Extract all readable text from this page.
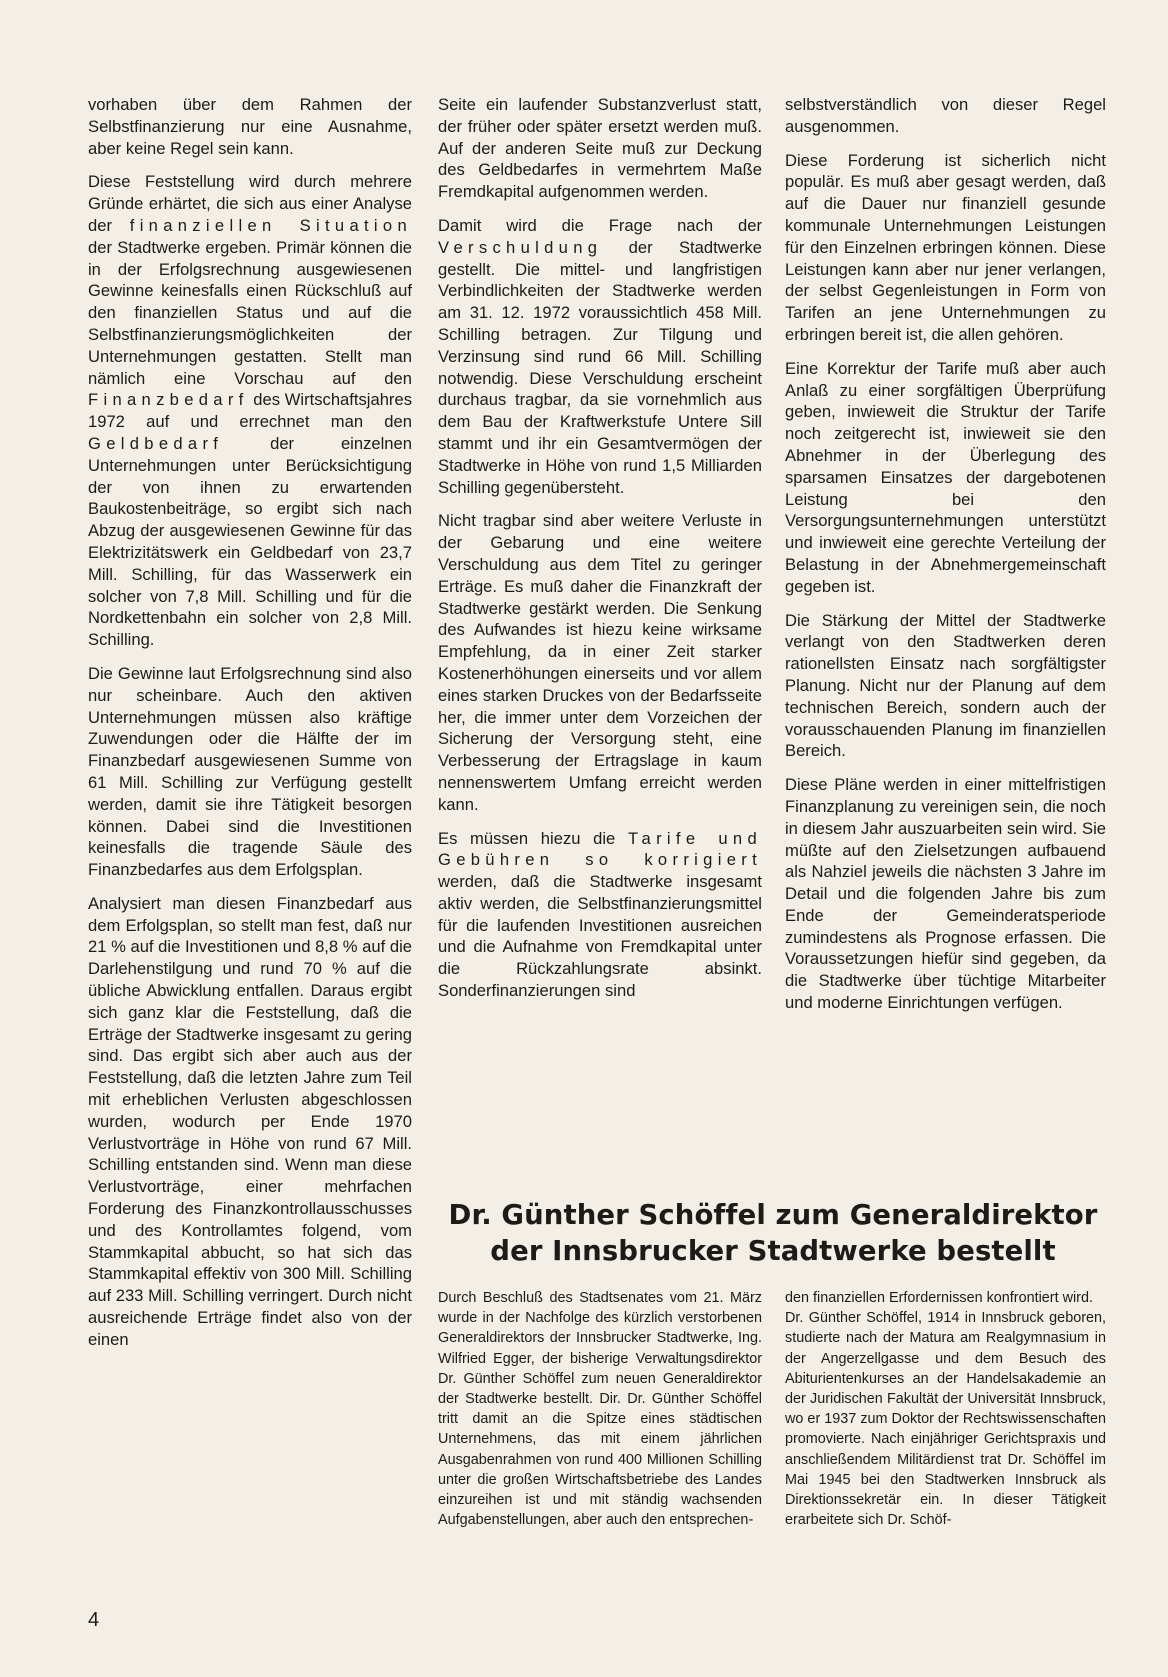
vorhaben über dem Rahmen der Selbstfinanzierung nur eine Ausnahme, aber keine Regel sein kann.

Diese Feststellung wird durch mehrere Gründe erhärtet, die sich aus einer Analyse der finanziellen Situation der Stadtwerke ergeben. Primär können die in der Erfolgsrechnung ausgewiesenen Gewinne keinesfalls einen Rückschluß auf den finanziellen Status und auf die Selbstfinanzierungsmöglichkeiten der Unternehmungen gestatten. Stellt man nämlich eine Vorschau auf den Finanzbedarf des Wirtschaftsjahres 1972 auf und errechnet man den Geldbedarf der einzelnen Unternehmungen unter Berücksichtigung der von ihnen zu erwartenden Baukostenbeiträge, so ergibt sich nach Abzug der ausgewiesenen Gewinne für das Elektrizitätswerk ein Geldbedarf von 23,7 Mill. Schilling, für das Wasserwerk ein solcher von 7,8 Mill. Schilling und für die Nordkettenbahn ein solcher von 2,8 Mill. Schilling.

Die Gewinne laut Erfolgsrechnung sind also nur scheinbare. Auch den aktiven Unternehmungen müssen also kräftige Zuwendungen oder die Hälfte der im Finanzbedarf ausgewiesenen Summe von 61 Mill. Schilling zur Verfügung gestellt werden, damit sie ihre Tätigkeit besorgen können. Dabei sind die Investitionen keinesfalls die tragende Säule des Finanzbedarfes aus dem Erfolgsplan.

Analysiert man diesen Finanzbedarf aus dem Erfolgsplan, so stellt man fest, daß nur 21 % auf die Investitionen und 8,8 % auf die Darlehenstilgung und rund 70 % auf die übliche Abwicklung entfallen. Daraus ergibt sich ganz klar die Feststellung, daß die Erträge der Stadtwerke insgesamt zu gering sind. Das ergibt sich aber auch aus der Feststellung, daß die letzten Jahre zum Teil mit erheblichen Verlusten abgeschlossen wurden, wodurch per Ende 1970 Verlustvorträge in Höhe von rund 67 Mill. Schilling entstanden sind. Wenn man diese Verlustvorträge, einer mehrfachen Forderung des Finanzkontrollausschusses und des Kontrollamtes folgend, vom Stammkapital abbucht, so hat sich das Stammkapital effektiv von 300 Mill. Schilling auf 233 Mill. Schilling verringert. Durch nicht ausreichende Erträge findet also von der einen

Seite ein laufender Substanzverlust statt, der früher oder später ersetzt werden muß. Auf der anderen Seite muß zur Deckung des Geldbedarfes in vermehrtem Maße Fremdkapital aufgenommen werden.

Damit wird die Frage nach der Verschuldung der Stadtwerke gestellt. Die mittel- und langfristigen Verbindlichkeiten der Stadtwerke werden am 31. 12. 1972 voraussichtlich 458 Mill. Schilling betragen. Zur Tilgung und Verzinsung sind rund 66 Mill. Schilling notwendig. Diese Verschuldung erscheint durchaus tragbar, da sie vornehmlich aus dem Bau der Kraftwerkstufe Untere Sill stammt und ihr ein Gesamtvermögen der Stadtwerke in Höhe von rund 1,5 Milliarden Schilling gegenübersteht.

Nicht tragbar sind aber weitere Verluste in der Gebarung und eine weitere Verschuldung aus dem Titel zu geringer Erträge. Es muß daher die Finanzkraft der Stadtwerke gestärkt werden. Die Senkung des Aufwandes ist hiezu keine wirksame Empfehlung, da in einer Zeit starker Kostenerhöhungen einerseits und vor allem eines starken Druckes von der Bedarfsseite her, die immer unter dem Vorzeichen der Sicherung der Versorgung steht, eine Verbesserung der Ertragslage in kaum nennenswertem Umfang erreicht werden kann.

Es müssen hiezu die Tarife und Gebühren so korrigiert werden, daß die Stadtwerke insgesamt aktiv werden, die Selbstfinanzierungsmittel für die laufenden Investitionen ausreichen und die Aufnahme von Fremdkapital unter die Rückzahlungsrate absinkt. Sonderfinanzierungen sind

selbstverständlich von dieser Regel ausgenommen.

Diese Forderung ist sicherlich nicht populär. Es muß aber gesagt werden, daß auf die Dauer nur finanziell gesunde kommunale Unternehmungen Leistungen für den Einzelnen erbringen können. Diese Leistungen kann aber nur jener verlangen, der selbst Gegenleistungen in Form von Tarifen an jene Unternehmungen zu erbringen bereit ist, die allen gehören.

Eine Korrektur der Tarife muß aber auch Anlaß zu einer sorgfältigen Überprüfung geben, inwieweit die Struktur der Tarife noch zeitgerecht ist, inwieweit sie den Abnehmer in der Überlegung des sparsamen Einsatzes der dargebotenen Leistung bei den Versorgungsunternehmungen unterstützt und inwieweit eine gerechte Verteilung der Belastung in der Abnehmergemeinschaft gegeben ist.

Die Stärkung der Mittel der Stadtwerke verlangt von den Stadtwerken deren rationellsten Einsatz nach sorgfältigster Planung. Nicht nur der Planung auf dem technischen Bereich, sondern auch der vorausschauenden Planung im finanziellen Bereich.

Diese Pläne werden in einer mittelfristigen Finanzplanung zu vereinigen sein, die noch in diesem Jahr auszuarbeiten sein wird. Sie müßte auf den Zielsetzungen aufbauend als Nahziel jeweils die nächsten 3 Jahre im Detail und die folgenden Jahre bis zum Ende der Gemeinderatsperiode zumindestens als Prognose erfassen. Die Voraussetzungen hiefür sind gegeben, da die Stadtwerke über tüchtige Mitarbeiter und moderne Einrichtungen verfügen.

Dr. Günther Schöffel zum Generaldirektor
der Innsbrucker Stadtwerke bestellt

Durch Beschluß des Stadtsenates vom 21. März wurde in der Nachfolge des kürzlich verstorbenen Generaldirektors der Innsbrucker Stadtwerke, Ing. Wilfried Egger, der bisherige Verwaltungsdirektor Dr. Günther Schöffel zum neuen Generaldirektor der Stadtwerke bestellt. Dir. Dr. Günther Schöffel tritt damit an die Spitze eines städtischen Unternehmens, das mit einem jährlichen Ausgabenrahmen von rund 400 Millionen Schilling unter die großen Wirtschaftsbetriebe des Landes einzureihen ist und mit ständig wachsenden Aufgabenstellungen, aber auch den entsprechen-

den finanziellen Erfordernissen konfrontiert wird.

Dr. Günther Schöffel, 1914 in Innsbruck geboren, studierte nach der Matura am Realgymnasium in der Angerzellgasse und dem Besuch des Abiturientenkurses an der Handelsakademie an der Juridischen Fakultät der Universität Innsbruck, wo er 1937 zum Doktor der Rechtswissenschaften promovierte. Nach einjähriger Gerichtspraxis und anschließendem Militärdienst trat Dr. Schöffel im Mai 1945 bei den Stadtwerken Innsbruck als Direktionssekretär ein. In dieser Tätigkeit erarbeitete sich Dr. Schöf-

4
